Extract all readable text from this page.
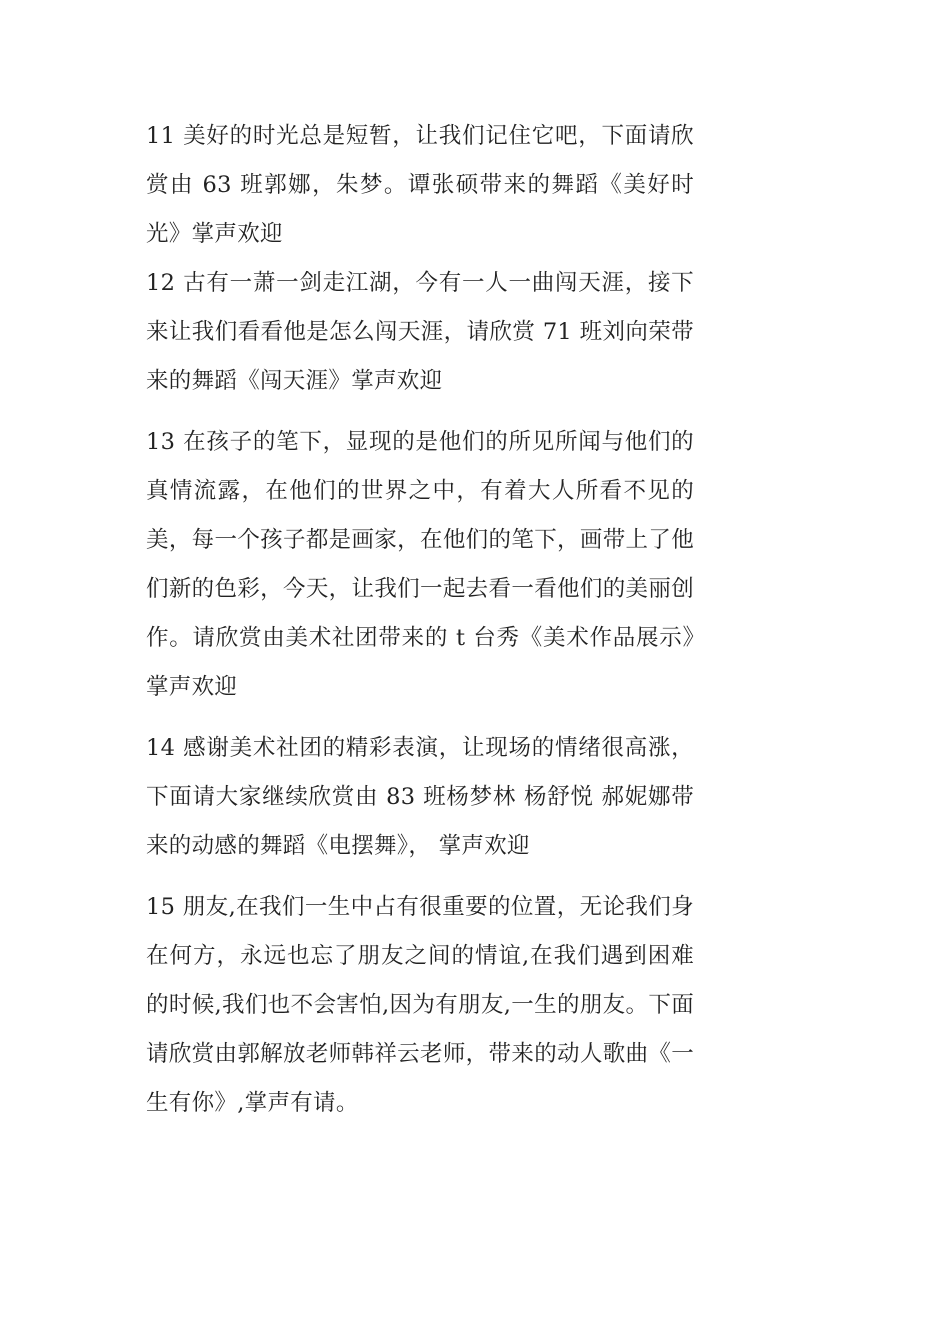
11 美好的时光总是短暂，让我们记住它吧，下面请欣赏由 63 班郭娜，朱梦。谭张硕带来的舞蹈《美好时光》掌声欢迎

12 古有一萧一剑走江湖，今有一人一曲闯天涯，接下来让我们看看他是怎么闯天涯，请欣赏 71 班刘向荣带来的舞蹈《闯天涯》掌声欢迎

13 在孩子的笔下，显现的是他们的所见所闻与他们的真情流露，在他们的世界之中，有着大人所看不见的美，每一个孩子都是画家，在他们的笔下，画带上了他们新的色彩，今天，让我们一起去看一看他们的美丽创作。请欣赏由美术社团带来的 t 台秀《美术作品展示》掌声欢迎

14 感谢美术社团的精彩表演，让现场的情绪很高涨，下面请大家继续欣赏由 83 班杨梦林 杨舒悦 郝妮娜带来的动感的舞蹈《电摆舞》， 掌声欢迎

15 朋友,在我们一生中占有很重要的位置，无论我们身在何方，永远也忘了朋友之间的情谊,在我们遇到困难的时候,我们也不会害怕,因为有朋友,一生的朋友。下面请欣赏由郭解放老师韩祥云老师，带来的动人歌曲《一生有你》,掌声有请。
